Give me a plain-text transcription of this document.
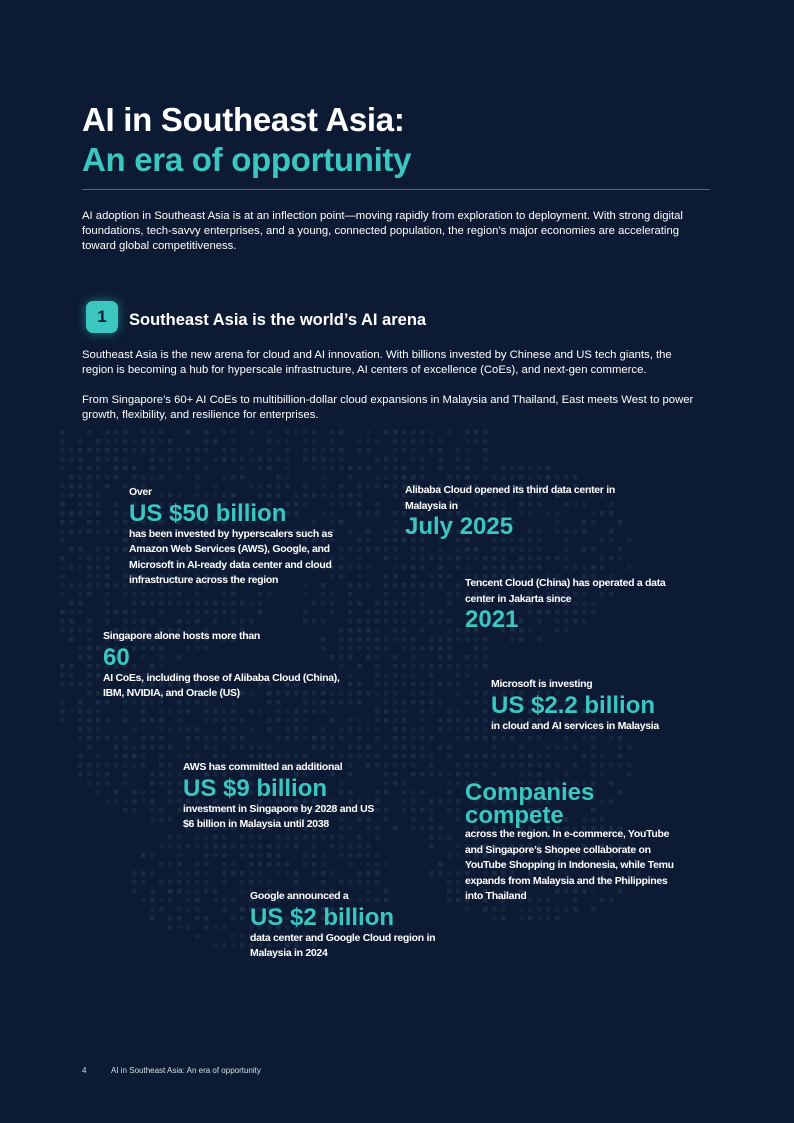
AI in Southeast Asia:
An era of opportunity
AI adoption in Southeast Asia is at an inflection point—moving rapidly from exploration to deployment. With strong digital foundations, tech-savvy enterprises, and a young, connected population, the region’s major economies are accelerating toward global competitiveness.
1	Southeast Asia is the world’s AI arena
Southeast Asia is the new arena for cloud and AI innovation. With billions invested by Chinese and US tech giants, the region is becoming a hub for hyperscale infrastructure, AI centers of excellence (CoEs), and next-gen commerce.
From Singapore’s 60+ AI CoEs to multibillion-dollar cloud expansions in Malaysia and Thailand, East meets West to power growth, flexibility, and resilience for enterprises.
Over
US $50 billion
has been invested by hyperscalers such as Amazon Web Services (AWS), Google, and Microsoft in AI-ready data center and cloud infrastructure across the region
Alibaba Cloud opened its third data center in Malaysia in
July 2025
Tencent Cloud (China) has operated a data center in Jakarta since
2021
Singapore alone hosts more than
60
AI CoEs, including those of Alibaba Cloud (China), IBM, NVIDIA, and Oracle (US)
Microsoft is investing
US $2.2 billion
in cloud and AI services in Malaysia
AWS has committed an additional
US $9 billion
investment in Singapore by 2028 and US $6 billion in Malaysia until 2038
Companies compete
across the region. In e-commerce, YouTube and Singapore’s Shopee collaborate on YouTube Shopping in Indonesia, while Temu expands from Malaysia and the Philippines into Thailand
Google announced a
US $2 billion
data center and Google Cloud region in Malaysia in 2024
4	AI in Southeast Asia: An era of opportunity
